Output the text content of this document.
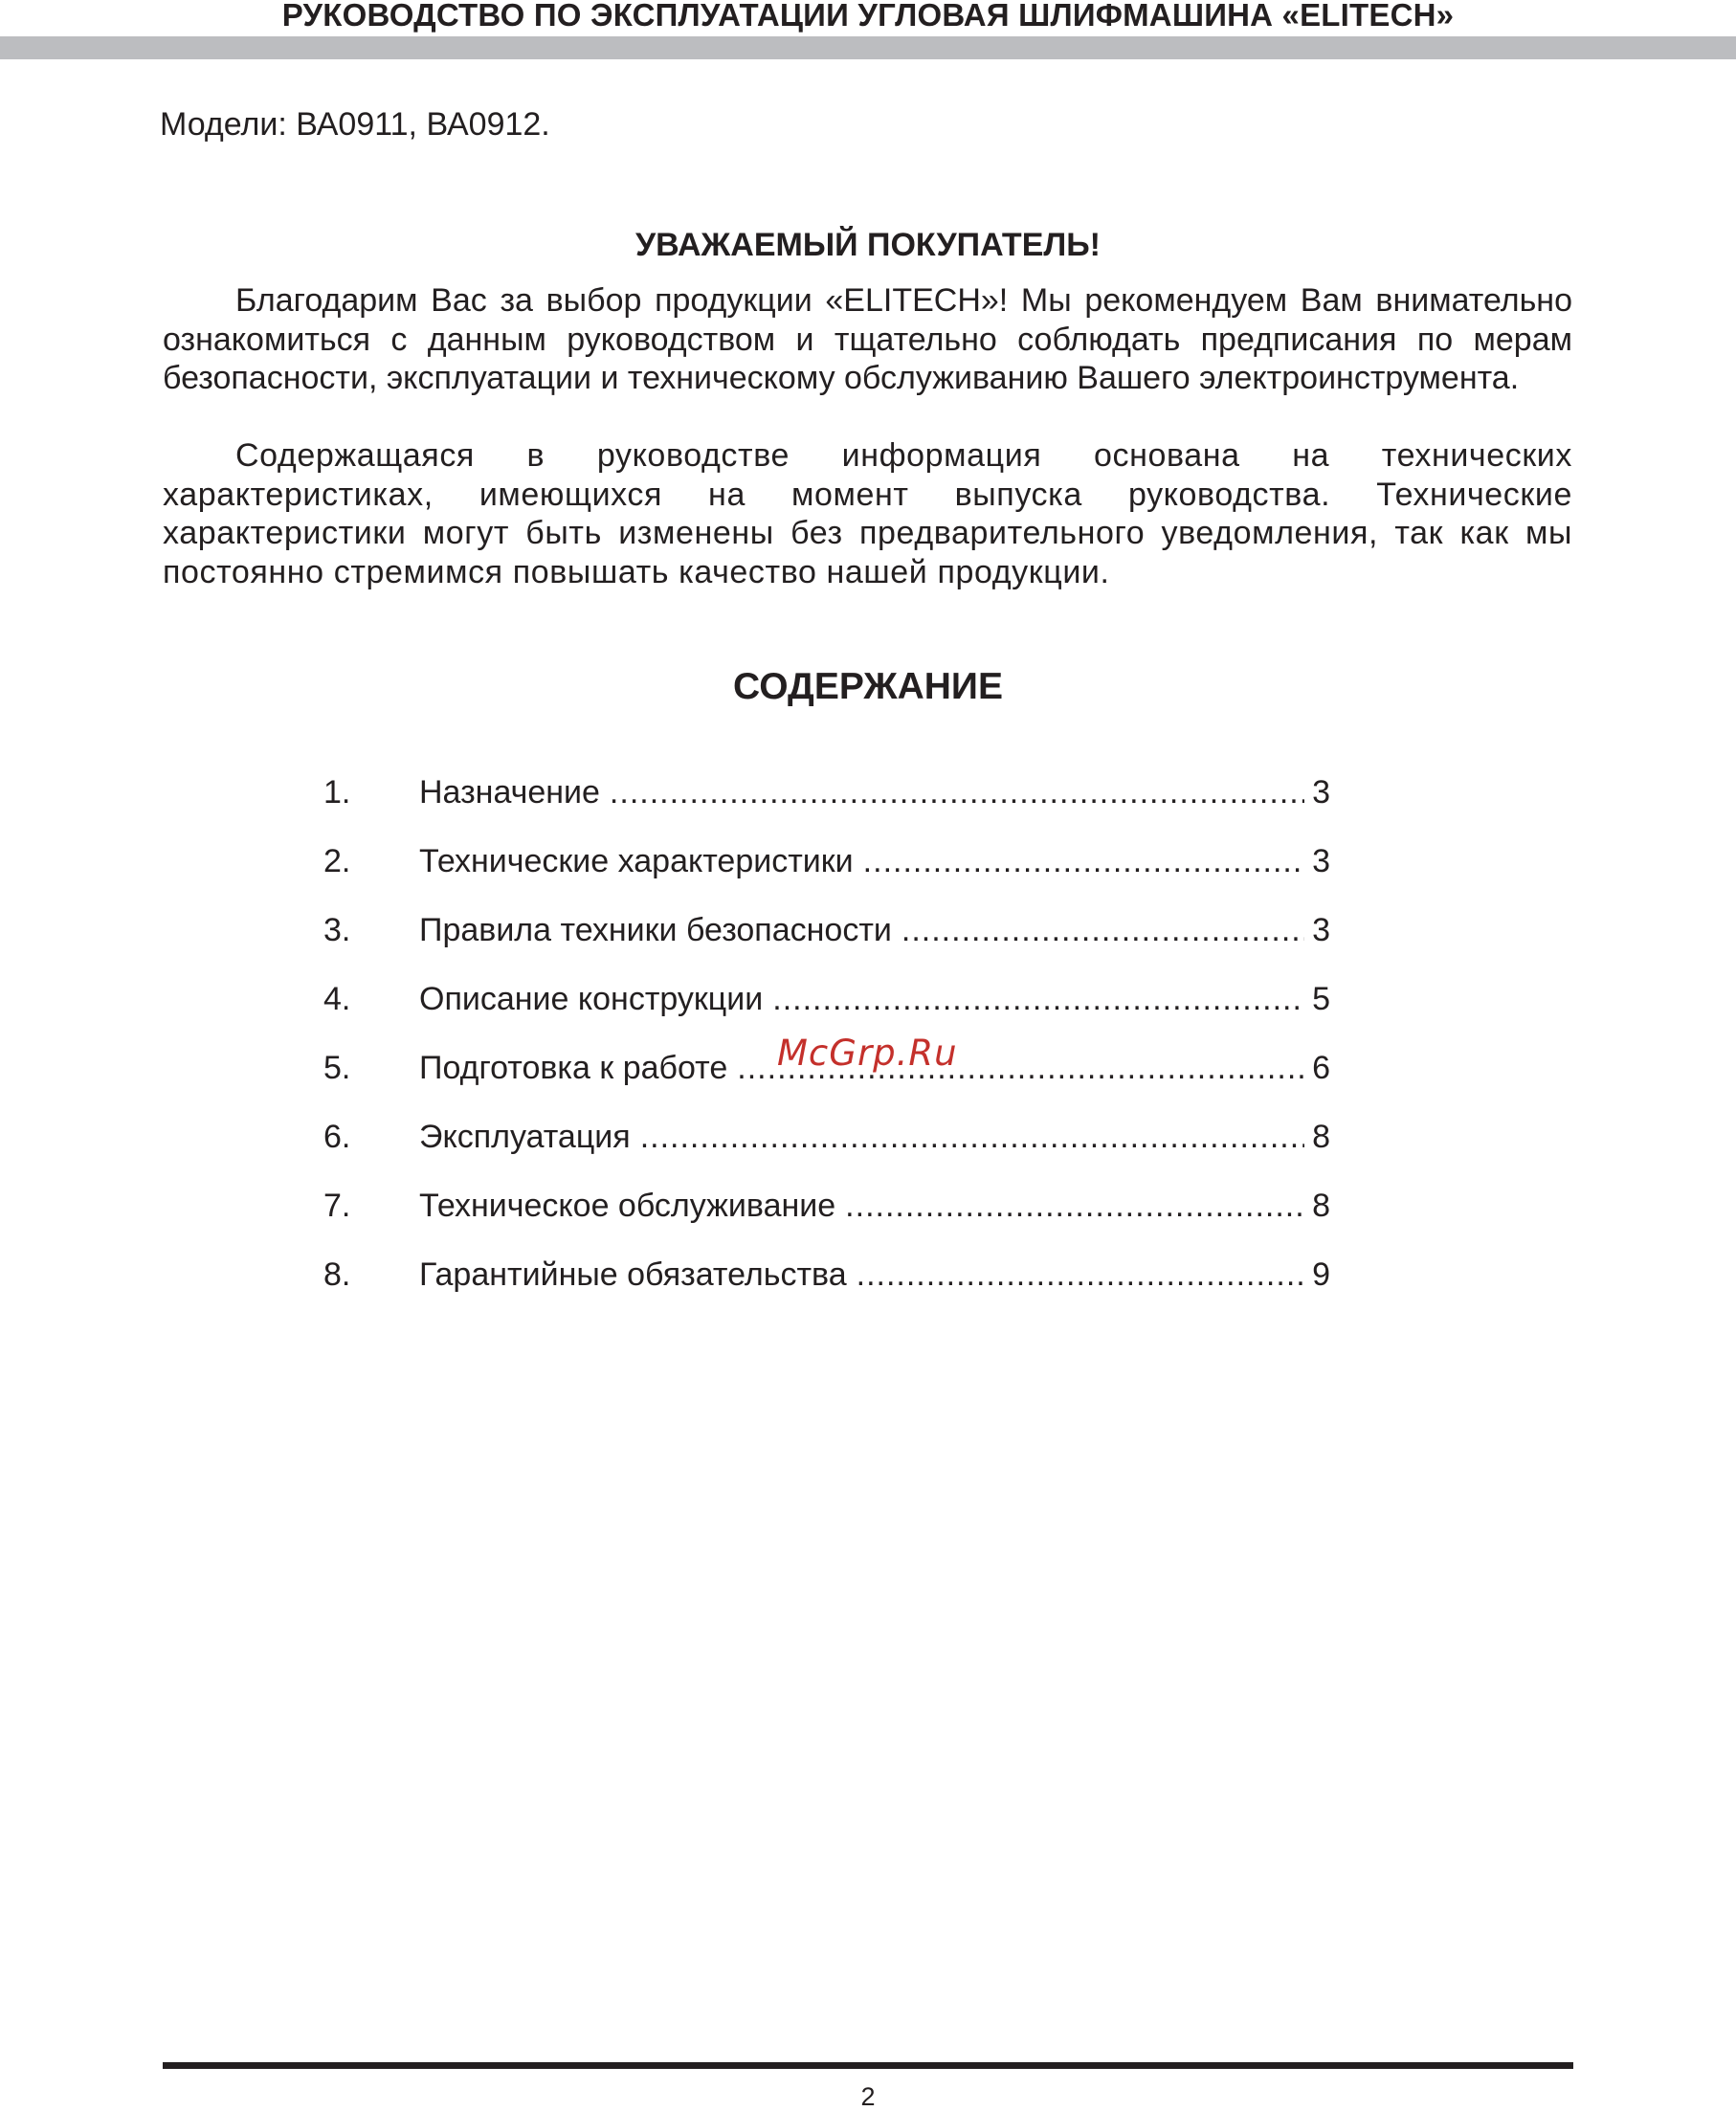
РУКОВОДСТВО ПО ЭКСПЛУАТАЦИИ УГЛОВАЯ ШЛИФМАШИНА «ELITECH»
Модели: ВА0911, ВА0912.
УВАЖАЕМЫЙ ПОКУПАТЕЛЬ!

Благодарим Вас за выбор продукции «ELITECH»! Мы рекомендуем Вам внимательно ознакомиться с данным руководством и тщательно соблюдать предписания по мерам безопасности, эксплуатации и техническому обслуживанию Вашего электроинструмента.

Содержащаяся в руководстве информация основана на технических характеристиках, имеющихся на момент выпуска руководства. Технические характеристики могут быть изменены без предварительного уведомления, так как мы постоянно стремимся повышать качество нашей продукции.

СОДЕРЖАНИЕ
1.	Назначение .....	3
2.	Технические характеристики .....	3
3.	Правила техники безопасности .....	3
4.	Описание конструкции .....	5
5.	Подготовка к работе .....	6
6.	Эксплуатация .....	8
7.	Техническое обслуживание .....	8
8.	Гарантийные обязательства .....	9
McGrp.Ru
2
